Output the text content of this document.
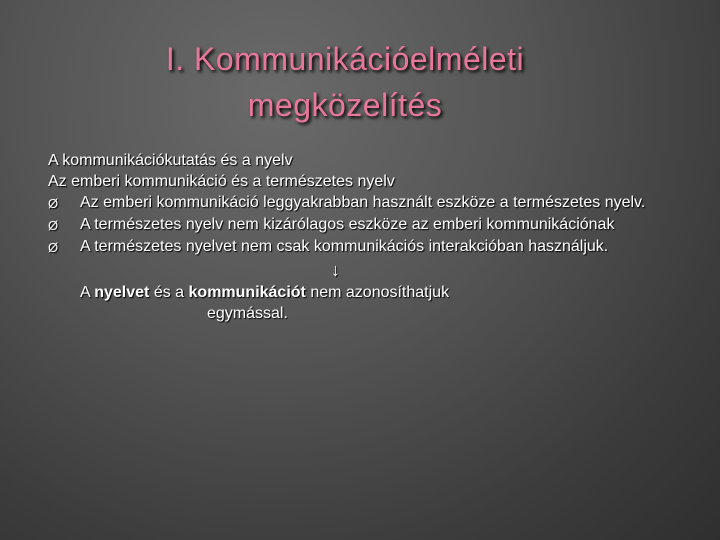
I. Kommunikációelméleti
megközelítés
A kommunikációkutatás és a nyelv
Az emberi kommunikáció és a természetes nyelv
Ø	Az emberi kommunikáció leggyakrabban használt eszköze a természetes nyelv.
Ø	A természetes nyelv nem kizárólagos eszköze az emberi kommunikációnak
Ø	A természetes nyelvet nem csak kommunikációs interakcióban használjuk.
↓
A nyelvet és a kommunikációt nem azonosíthatjuk
egymással.
